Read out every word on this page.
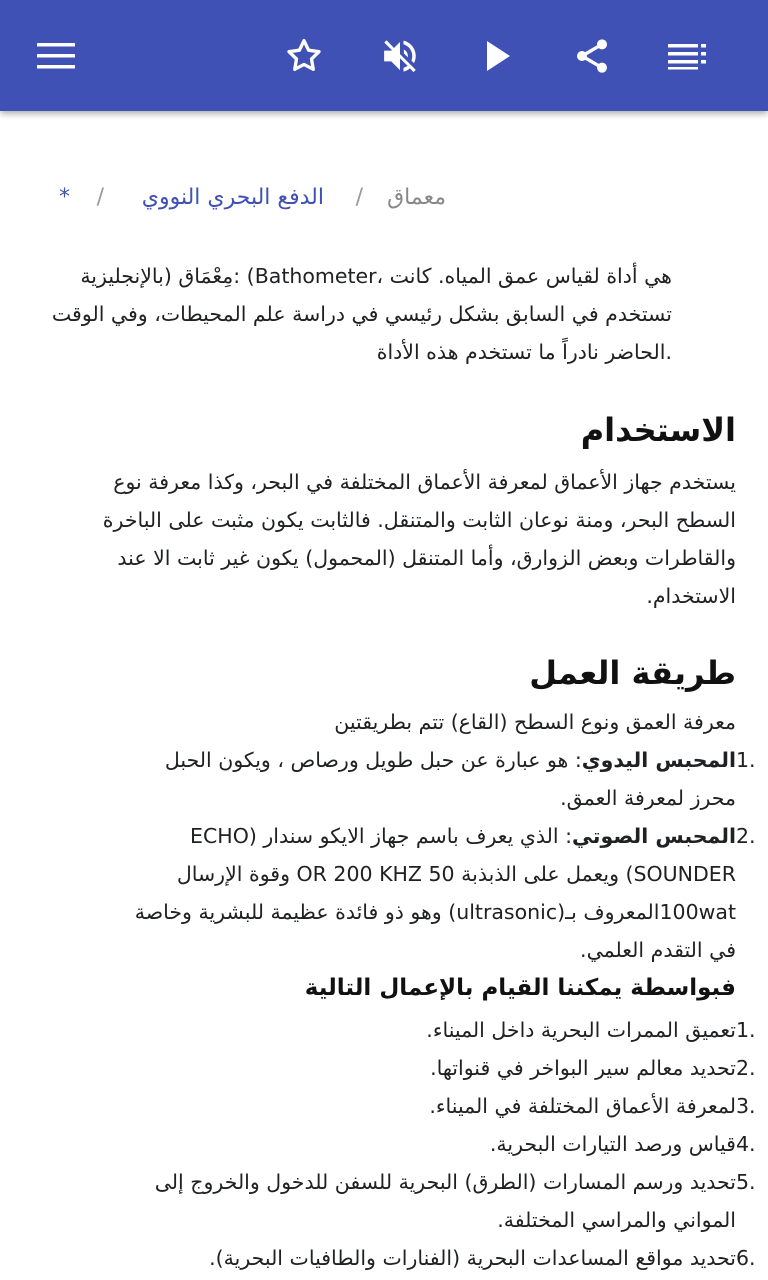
معماق
/
الدفع البحري النووي
/
*
هي أداة لقياس عمق المياه. كانت ،Bathometer) :مِعْمَاق (بالإنجليزية
تستخدم في السابق بشكل رئيسي في دراسة علم المحيطات، وفي الوقت
.الحاضر نادراً ما تستخدم هذه الأداة
الاستخدام
يستخدم جهاز الأعماق لمعرفة الأعماق المختلفة في البحر، وكذا معرفة نوع
السطح البحر، ومنة نوعان الثابت والمتنقل. فالثابت يكون مثبت على الباخرة
والقاطرات وبعض الزوارق، وأما المتنقل (المحمول) يكون غير ثابت الا عند
الاستخدام.
طريقة العمل
معرفة العمق ونوع السطح (القاع) تتم بطريقتين
1.
المحبس اليدوي: هو عبارة عن حبل طويل ورصاص ، ويكون الحبل
محرز لمعرفة العمق.
2.
المحبس الصوتي: الذي يعرف باسم جهاز الايكو سندار (ECHO
SOUNDER) ويعمل على الذبذبة 50 OR 200 KHZ وقوة الإرسال
100watالمعروف بـ(ultrasonic) وهو ذو فائدة عظيمة للبشرية وخاصة
في التقدم العلمي.
فبواسطة يمكننا القيام بالإعمال التالية
1.
تعميق الممرات البحرية داخل الميناء.
2.
تحديد معالم سير البواخر في قنواتها.
3.
لمعرفة الأعماق المختلفة في الميناء.
4.
قياس ورصد التيارات البحرية.
5.
تحديد ورسم المسارات (الطرق) البحرية للسفن للدخول والخروج إلى
المواني والمراسي المختلفة.
6.
تحديد مواقع المساعدات البحرية (الفنارات والطافيات البحرية).
